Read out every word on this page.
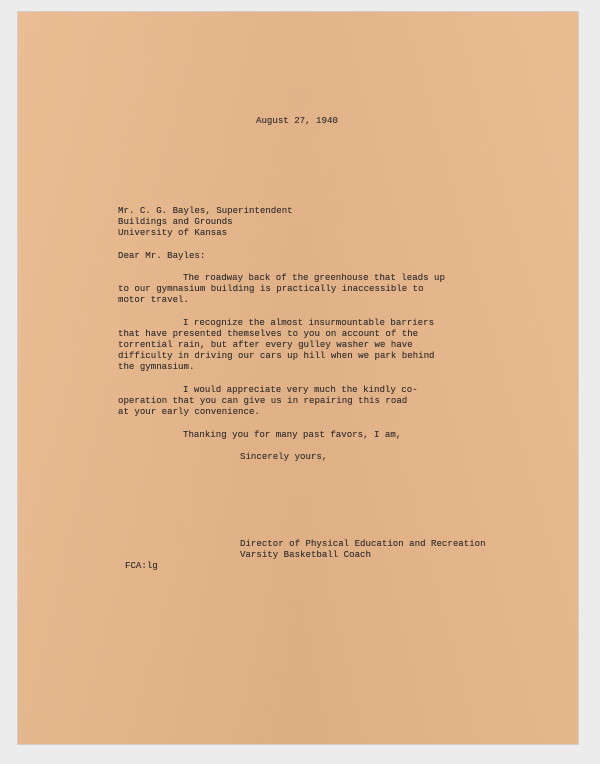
August 27, 1940
Mr. C. G. Bayles, Superintendent
Buildings and Grounds
University of Kansas
Dear Mr. Bayles:
The roadway back of the greenhouse that leads up
to our gymnasium building is practically inaccessible to
motor travel.
I recognize the almost insurmountable barriers
that have presented themselves to you on account of the
torrential rain, but after every gulley washer we have
difficulty in driving our cars up hill when we park behind
the gymnasium.
I would appreciate very much the kindly co-
operation that you can give us in repairing this road
at your early convenience.
Thanking you for many past favors, I am,
Sincerely yours,
Director of Physical Education and Recreation
Varsity Basketball Coach
FCA:lg
